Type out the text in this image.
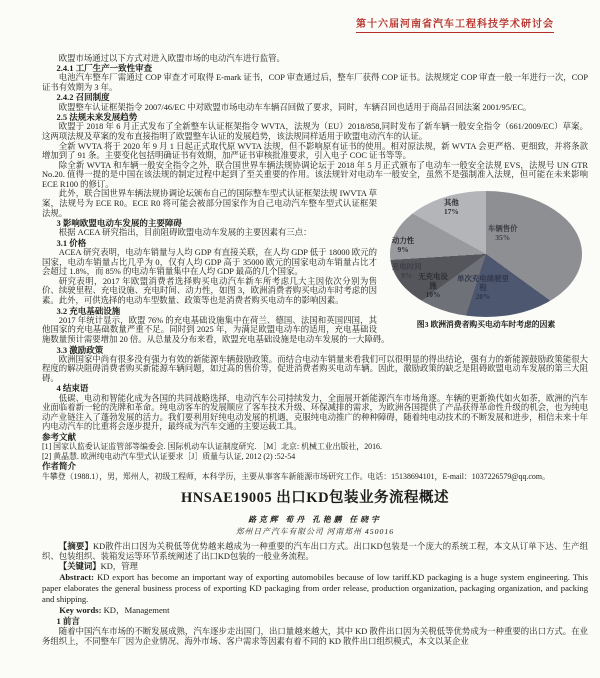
第十六届河南省汽车工程科技学术研讨会

欧盟市场通过以下方式对进入欧盟市场的电动汽车进行监管。

2.4.1 工厂生产一致性审查

电池汽车整车厂需通过 COP 审查才可取得 E-mark 证书，COP 审查通过后，整车厂获得 COP 证书。法规规定 COP 审查一般一年进行一次，COP 证书有效期为 3 年。

2.4.2 召回制度

欧盟整车认证框架指令 2007/46/EC 中对欧盟市场电动车车辆召回做了要求，同时，车辆召回也适用于商品召回法案 2001/95/EC。

2.5 法规未来发展趋势

欧盟于 2018 年 6 月正式发布了全新整车认证框架指令 WVTA，法规为（EU）2018/858,同时发布了新车辆一般安全指令（661/2009/EC）草案。这两项法规及草案的发布直接指明了欧盟整车认证的发展趋势，该法规同样适用于欧盟电动汽车的认证。

全新 WVTA 将于 2020 年 9 月 1 日起正式取代原 WVTA 法规，但不影响原有证书的使用。相对原法规，新 WVTA 会更严格、更细致，并将条款增加到了 91 条。主要变化包括明确证书有效期，加严证书审核批准要求，引入电子 COC 证书等等。

除全新 WVTA 和车辆一般安全指令之外，联合国世界车辆法规协调论坛于 2018 年 5 月正式颁布了电动车一般安全法规 EVS，法规号 UN GTR No.20. 值得一提的是中国在该法规的制定过程中起到了至关重要的作用。该法规针对电动车一般安全，虽然不是强制准入法规，但可能在未来影响 ECE R100 的修订。

其他
17%
车辆售价
35%
动力性
9%
充电时间
9% 无充电设施
10%
单次充电续驶里程
20%
图3 欧洲消费者购买电动车时考虑的因素

此外，联合国世界车辆法规协调论坛颁布自己的国际整车型式认证框架法规 IWVTA 草案，法规号为 ECE R0。ECE R0 将可能会被部分国家作为自己电动汽车整车型式认证框架法规。

3 影响欧盟电动车发展的主要障碍

根据 ACEA 研究指出，目前阻碍欧盟电动车发展的主要因素有三点：

3.1 价格

ACEA 研究表明，电动车销量与人均 GDP 有直接关联，在人均 GDP 低于 18000 欧元的国家，电动车销量占比几乎为 0，仅有人均 GDP 高于 35000 欧元的国家电动车销量占比才会超过 1.8%，而 85% 的电动车销量集中在人均 GDP 最高的几个国家。

研究表明，2017 年欧盟消费者选择购买电动汽车新车所考虑几大主因依次分别为售价、续驶里程、充电设施、充电时间、动力性，如图 3，欧洲消费者购买电动车时考虑的因素。此外，可供选择的电动车型数量、政策等也是消费者购买电动车的影响因素。

3.2 充电基础设施

2017 年统计显示，欧盟 76% 的充电基础设施集中在荷兰、德国、法国和英国四国，其他国家的充电基础数量严重不足。同时到 2025 年，为满足欧盟电动车的适用，充电基础设施数量预计需要增加 20 倍。从总量及分布来看，欧盟充电基础设施是电动车发展的一大障碍。

3.3 激励政策

欧洲国家中尚有很多没有强力有效的新能源车辆鼓励政策。而结合电动车销量来看我们可以很明显的得出结论，强有力的新能源鼓励政策能很大程度的解决阻碍消费者购买新能源车辆问题，如过高的售价等，促进消费者购买电动车辆。因此，激励政策的缺乏是阻碍欧盟电动车发展的第三大阻碍。

4 结束语

低碳、电动和智能化成为各国的共同战略选择，电动汽车公司持续发力，全面展开新能源汽车市场角逐。车辆的更新换代如火如荼，欧洲的汽车业面临着新一轮的洗牌和革命。纯电动客车的发展顺应了客车技术升级、环保减排的需求，为欧洲各国提供了产品获得革命性升级的机会，也为纯电动产业链注入了蓬勃发展的活力。我们要利用好纯电动发展的机遇，克服纯电动推广的种种障碍，随着纯电动技术的不断发展和进步，相信未来十年内电动汽车的比重将会逐步提升，最终成为汽车交通的主要运载工具。

参考文献

[1] 国家认监委认证监管部等编委会. 国际机动车认证制度研究. ［M］北京: 机械工业出版社，2016.

[2] 黄晶慧. 欧洲纯电动汽车型式认证要求［J］质量与认证, 2012 (2) :52-54

作者简介

牛攀登（1988.1），男，郑州人，初级工程师，本科学历，主要从事客车新能源市场研究工作。电话：15138694101，E-mail：1037226579@qq.com。

HNSAE19005 出口KD包装业务流程概述
路克辉 荀丹 孔艳鹏 任晓宇
郑州日产汽车有限公司 河南郑州 450016

【摘要】KD散件出口因为关税低等优势越来越成为一种重要的汽车出口方式。出口KD包装是一个庞大的系统工程，本文从订单下达、生产组织、包装组织、装箱发运等环节系统阐述了出口KD包装的一般业务流程。

【关键词】KD，管理

Abstract: KD export has become an important way of exporting automobiles because of low tariff.KD packaging is a huge system engineering. This paper elaborates the general business process of exporting KD packaging from order release, production organization, packaging organization, and packing and shipping.

Key words: KD，Management

1 前言

随着中国汽车市场的不断发展成熟，汽车逐步走出国门，出口量越来越大，其中 KD 散件出口因为关税低等优势成为一种重要的出口方式。在业务组织上，不同整车厂因为企业情况、海外市场、客户需求等因素有着不同的 KD 散件出口组织模式，本文以某企业
